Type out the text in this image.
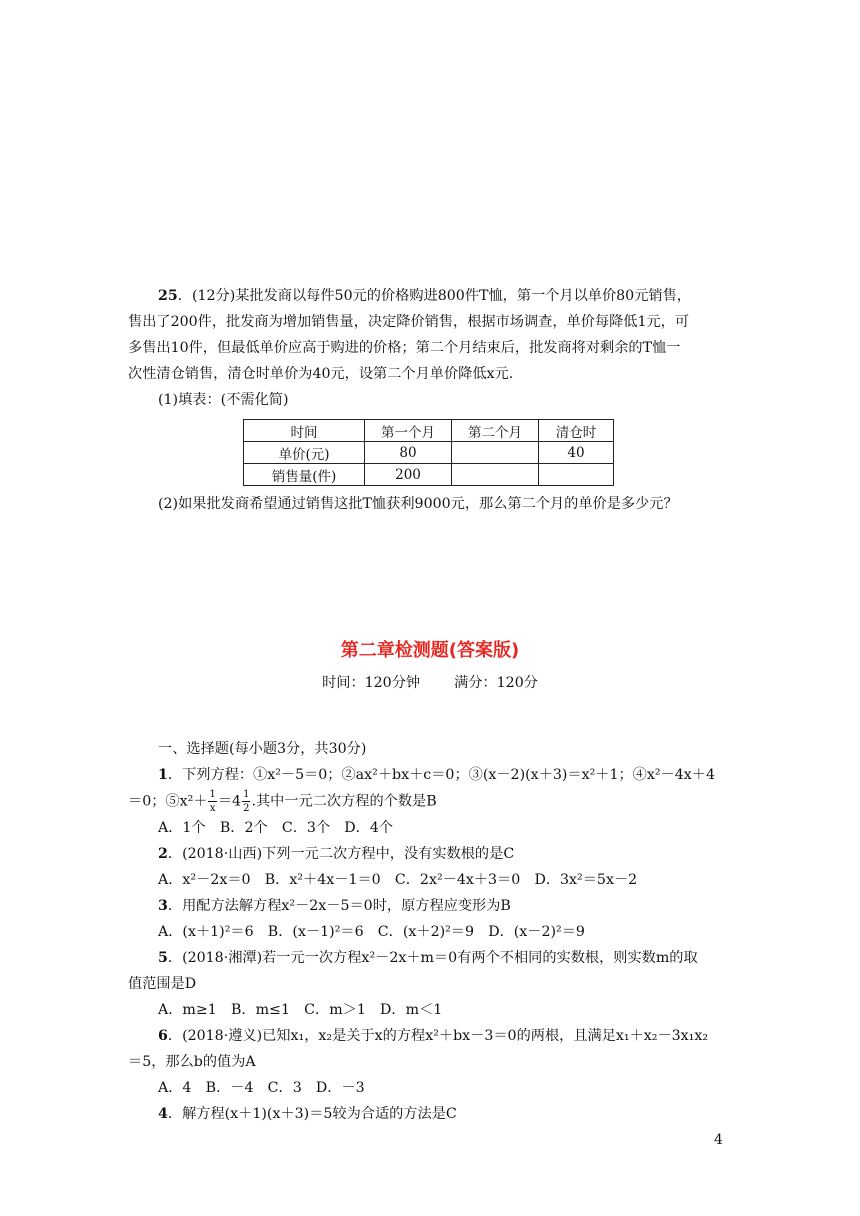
25．(12分)某批发商以每件50元的价格购进800件T恤，第一个月以单价80元销售，

售出了200件，批发商为增加销售量，决定降价销售，根据市场调查，单价每降低1元，可

多售出10件，但最低单价应高于购进的价格；第二个月结束后，批发商将对剩余的T恤一

次性清仓销售，清仓时单价为40元，设第二个月单价降低x元.

(1)填表：(不需化简)

时间	第一个月	第二个月	清仓时
单价(元)	80		40
销售量(件)	200		

(2)如果批发商希望通过销售这批T恤获利9000元，那么第二个月的单价是多少元？

第二章检测题(答案版)
时间：120分钟 满分：120分

一、选择题(每小题3分，共30分)

1．下列方程：①x²－5＝0；②ax²＋bx＋c＝0；③(x－2)(x＋3)＝x²＋1；④x²－4x＋4

＝0；⑤x²＋ $\frac{1}{x} =4 \frac{1}{2}$ .其中一元二次方程的个数是B

A．1个　B．2个　C．3个　D．4个

2．(2018·山西)下列一元二次方程中，没有实数根的是C

A．x²－2x＝0　B．x²＋4x－1＝0　C．2x²－4x＋3＝0　D．3x²＝5x－2

3．用配方法解方程x²－2x－5＝0时，原方程应变形为B

A．(x＋1)²＝6　B．(x－1)²＝6　C．(x＋2)²＝9　D．(x－2)²＝9

5．(2018·湘潭)若一元一次方程x²－2x＋m＝0有两个不相同的实数根，则实数m的取

值范围是D

A．m≥1　B．m≤1　C．m＞1　D．m＜1

6．(2018·遵义)已知x₁，x₂是关于x的方程x²＋bx－3＝0的两根，且满足x₁＋x₂－3x₁x₂

＝5，那么b的值为A

A．4　B．－4　C．3　D．－3

4．解方程(x＋1)(x＋3)＝5较为合适的方法是C

4
